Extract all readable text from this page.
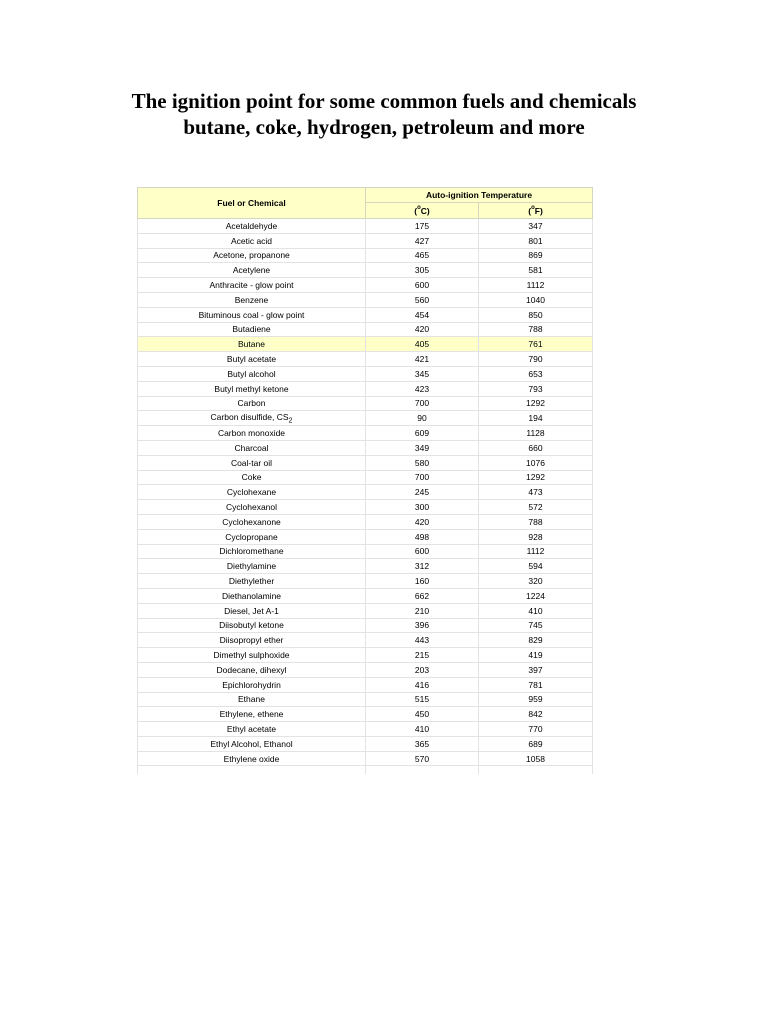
The ignition point for some common fuels and chemicals
butane, coke, hydrogen, petroleum and more
Fuel or Chemical	Auto-ignition Temperature	
	($^o$C)	($^o$F)
Acetaldehyde	175	347
Acetic acid	427	801
Acetone, propanone	465	869
Acetylene	305	581
Anthracite - glow point	600	1112
Benzene	560	1040
Bituminous coal - glow point	454	850
Butadiene	420	788
Butane	405	761
Butyl acetate	421	790
Butyl alcohol	345	653
Butyl methyl ketone	423	793
Carbon	700	1292
Carbon disulfide, $CS_2$	90	194
Carbon monoxide	609	1128
Charcoal	349	660
Coal-tar oil	580	1076
Coke	700	1292
Cyclohexane	245	473
Cyclohexanol	300	572
Cyclohexanone	420	788
Cyclopropane	498	928
Dichloromethane	600	1112
Diethylamine	312	594
Diethylether	160	320
Diethanolamine	662	1224
Diesel, Jet A-1	210	410
Diisobutyl ketone	396	745
Diisopropyl ether	443	829
Dimethyl sulphoxide	215	419
Dodecane, dihexyl	203	397
Epichlorohydrin	416	781
Ethane	515	959
Ethylene, ethene	450	842
Ethyl acetate	410	770
Ethyl Alcohol, Ethanol	365	689
Ethylene oxide	570	1058
